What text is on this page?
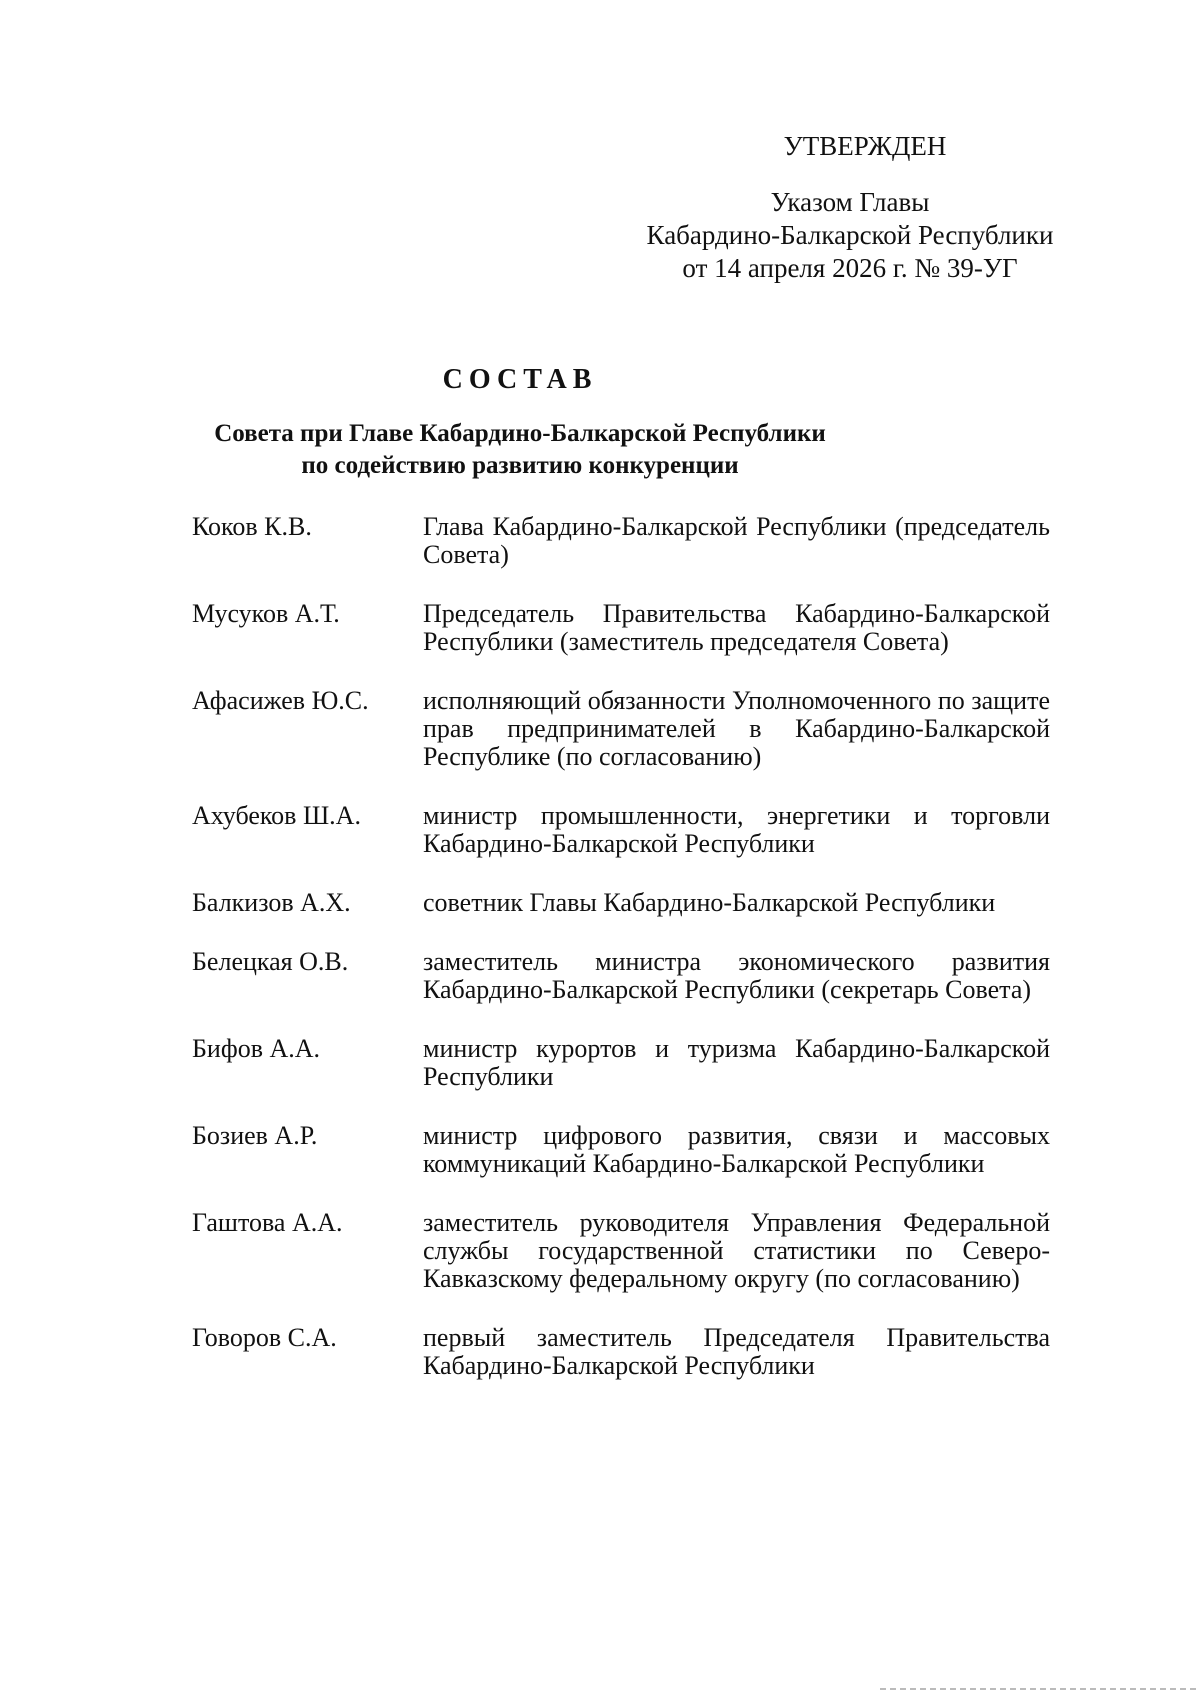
УТВЕРЖДЕН
Указом Главы
Кабардино-Балкарской Республики
от 14 апреля 2026 г. № 39-УГ
СОСТАВ
Совета при Главе Кабардино-Балкарской Республики
по содействию развитию конкуренции
Коков К.В.	Глава Кабардино-Балкарской Республики (председатель Совета)
Мусуков А.Т.	Председатель Правительства Кабардино-Балкарской Республики (заместитель председателя Совета)
Афасижев Ю.С.	исполняющий обязанности Уполномоченного по защите прав предпринимателей в Кабардино-Балкарской Республике (по согласованию)
Ахубеков Ш.А.	министр промышленности, энергетики и торговли Кабардино-Балкарской Республики
Балкизов А.Х.	советник Главы Кабардино-Балкарской Республики
Белецкая О.В.	заместитель министра экономического развития Кабардино-Балкарской Республики (секретарь Совета)
Бифов А.А.	министр курортов и туризма Кабардино-Балкарской Республики
Бозиев А.Р.	министр цифрового развития, связи и массовых коммуникаций Кабардино-Балкарской Республики
Гаштова А.А.	заместитель руководителя Управления Федеральной службы государственной статистики по Северо-Кавказскому федеральному округу (по согласованию)
Говоров С.А.	первый заместитель Председателя Правительства Кабардино-Балкарской Республики
